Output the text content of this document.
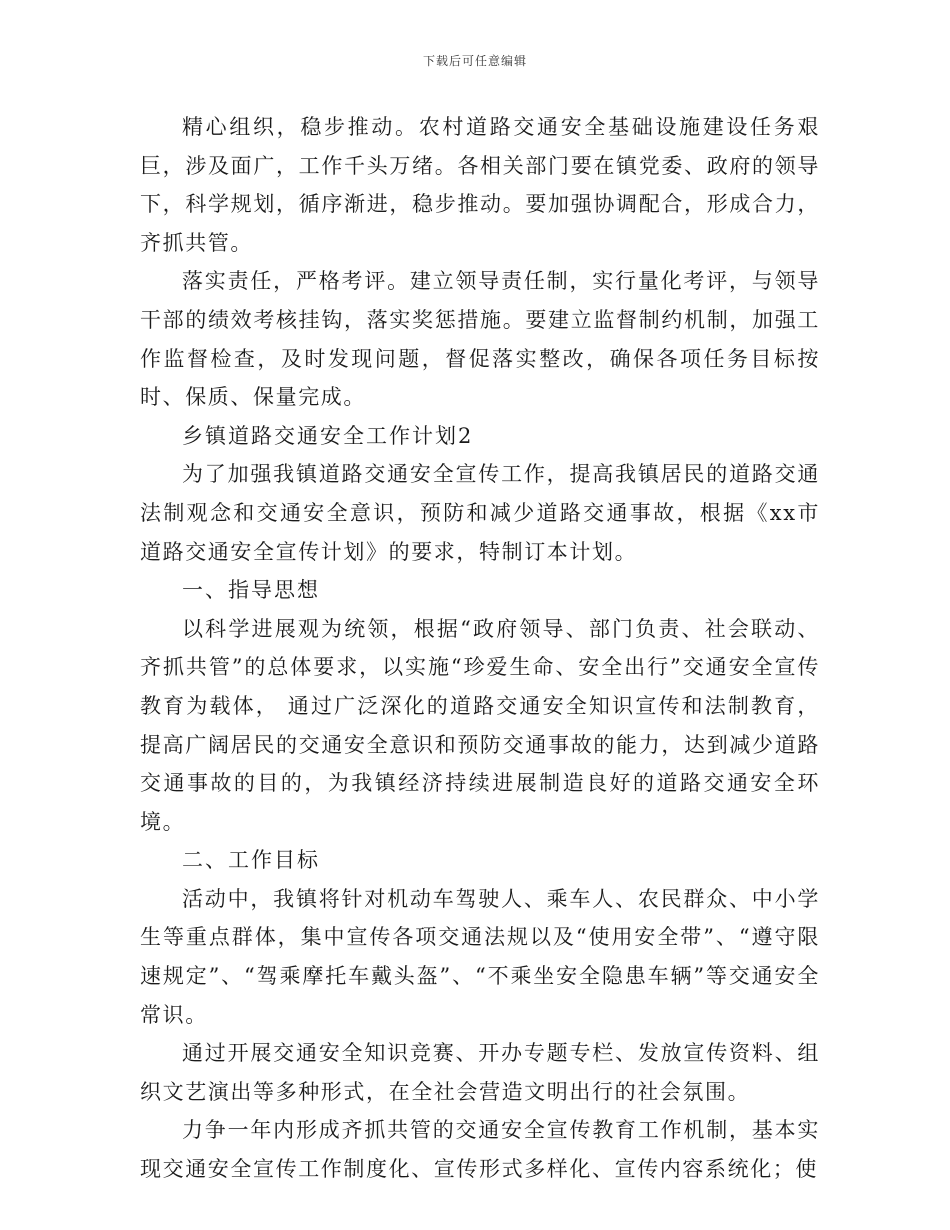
下载后可任意编辑

精心组织，稳步推动。农村道路交通安全基础设施建设任务艰巨，涉及面广，工作千头万绪。各相关部门要在镇党委、政府的领导下，科学规划，循序渐进，稳步推动。要加强协调配合，形成合力，齐抓共管。

落实责任，严格考评。建立领导责任制，实行量化考评，与领导干部的绩效考核挂钩，落实奖惩措施。要建立监督制约机制，加强工作监督检查，及时发现问题，督促落实整改，确保各项任务目标按时、保质、保量完成。

乡镇道路交通安全工作计划2

为了加强我镇道路交通安全宣传工作，提高我镇居民的道路交通法制观念和交通安全意识，预防和减少道路交通事故，根据《xx市道路交通安全宣传计划》的要求，特制订本计划。

一、指导思想

以科学进展观为统领，根据“政府领导、部门负责、社会联动、齐抓共管”的总体要求，以实施“珍爱生命、安全出行”交通安全宣传教育为载体， 通过广泛深化的道路交通安全知识宣传和法制教育，提高广阔居民的交通安全意识和预防交通事故的能力，达到减少道路交通事故的目的，为我镇经济持续进展制造良好的道路交通安全环境。

二、工作目标

活动中，我镇将针对机动车驾驶人、乘车人、农民群众、中小学生等重点群体，集中宣传各项交通法规以及“使用安全带”、“遵守限速规定”、“驾乘摩托车戴头盔”、“不乘坐安全隐患车辆”等交通安全常识。

通过开展交通安全知识竞赛、开办专题专栏、发放宣传资料、组织文艺演出等多种形式，在全社会营造文明出行的社会氛围。

力争一年内形成齐抓共管的交通安全宣传教育工作机制，基本实现交通安全宣传工作制度化、宣传形式多样化、宣传内容系统化；使
